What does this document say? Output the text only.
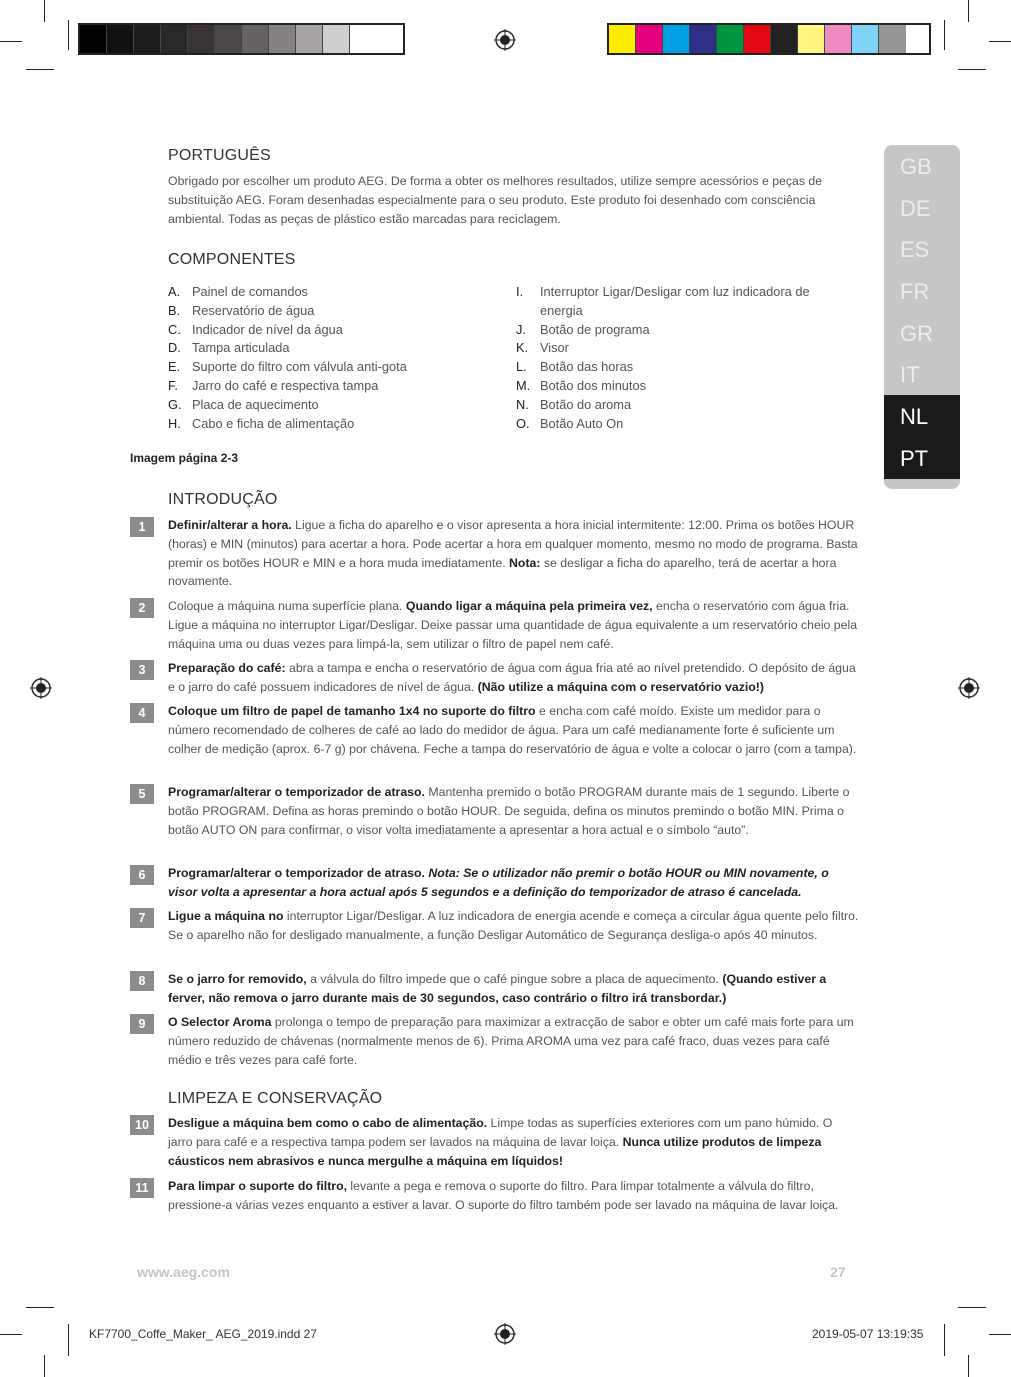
GB
DE
ES
FR
GR
IT
NL
PT
PORTUGUÊS
Obrigado por escolher um produto AEG. De forma a obter os melhores resultados, utilize sempre acessórios e peças de substituição AEG. Foram desenhadas especialmente para o seu produto. Este produto foi desenhado com consciência ambiental. Todas as peças de plástico estão marcadas para reciclagem.
COMPONENTES
A. Painel de comandos
B. Reservatório de água
C. Indicador de nível da água
D. Tampa articulada
E. Suporte do filtro com válvula anti-gota
F.	Jarro do café e respectiva tampa
G. Placa de aquecimento
H. Cabo e ficha de alimentação
I.	Interruptor Ligar/Desligar com luz indicadora de energia
J.	Botão de programa
K. Visor
L.	Botão das horas
M. Botão dos minutos
N. Botão do aroma
O. Botão Auto On
Imagem página 2-3
INTRODUÇÃO
1	Definir/alterar a hora. Ligue a ficha do aparelho e o visor apresenta a hora inicial intermitente: 12:00. Prima os botões HOUR (horas) e MIN (minutos) para acertar a hora. Pode acertar a hora em qualquer momento, mesmo no modo de programa. Basta premir os botões HOUR e MIN e a hora muda imediatamente. Nota: se desligar a ficha do aparelho, terá de acertar a hora novamente.
2	Coloque a máquina numa superfície plana. Quando ligar a máquina pela primeira vez, encha o reservatório com água fria. Ligue a máquina no interruptor Ligar/Desligar. Deixe passar uma quantidade de água equivalente a um reservatório cheio pela máquina uma ou duas vezes para limpá-la, sem utilizar o filtro de papel nem café.
3	Preparação do café: abra a tampa e encha o reservatório de água com água fria até ao nível pretendido. O depósito de água e o jarro do café possuem indicadores de nível de água. (Não utilize a máquina com o reservatório vazio!)
4	Coloque um filtro de papel de tamanho 1x4 no suporte do filtro e encha com café moído. Existe um medidor para o número recomendado de colheres de café ao lado do medidor de água. Para um café medianamente forte é suficiente um colher de medição (aprox. 6-7 g) por chávena. Feche a tampa do reservatório de água e volte a colocar o jarro (com a tampa).
5	Programar/alterar o temporizador de atraso. Mantenha premido o botão PROGRAM durante mais de 1 segundo. Liberte o botão PROGRAM. Defina as horas premindo o botão HOUR. De seguida, defina os minutos premindo o botão MIN. Prima o botão AUTO ON para confirmar, o visor volta imediatamente a apresentar a hora actual e o símbolo “auto”.
6	Programar/alterar o temporizador de atraso. Nota: Se o utilizador não premir o botão HOUR ou MIN novamente, o visor volta a apresentar a hora actual após 5 segundos e a definição do temporizador de atraso é cancelada.
7	Ligue a máquina no interruptor Ligar/Desligar. A luz indicadora de energia acende e começa a circular água quente pelo filtro. Se o aparelho não for desligado manualmente, a função Desligar Automático de Segurança desliga-o após 40 minutos.
8	Se o jarro for removido, a válvula do filtro impede que o café pingue sobre a placa de aquecimento. (Quando estiver a ferver, não remova o jarro durante mais de 30 segundos, caso contrário o filtro irá transbordar.)
9	O Selector Aroma prolonga o tempo de preparação para maximizar a extracção de sabor e obter um café mais forte para um número reduzido de chávenas (normalmente menos de 6). Prima AROMA uma vez para café fraco, duas vezes para café médio e três vezes para café forte.
LIMPEZA E CONSERVAÇÃO
10	Desligue a máquina bem como o cabo de alimentação. Limpe todas as superfícies exteriores com um pano húmido. O jarro para café e a respectiva tampa podem ser lavados na máquina de lavar loiça. Nunca utilize produtos de limpeza cáusticos nem abrasivos e nunca mergulhe a máquina em líquidos!
11	Para limpar o suporte do filtro, levante a pega e remova o suporte do filtro. Para limpar totalmente a válvula do filtro, pressione-a várias vezes enquanto a estiver a lavar. O suporte do filtro também pode ser lavado na máquina de lavar loiça.
www.aeg.com	27
KF7700_Coffe_Maker_ AEG_2019.indd 27	2019-05-07 13:19:35
